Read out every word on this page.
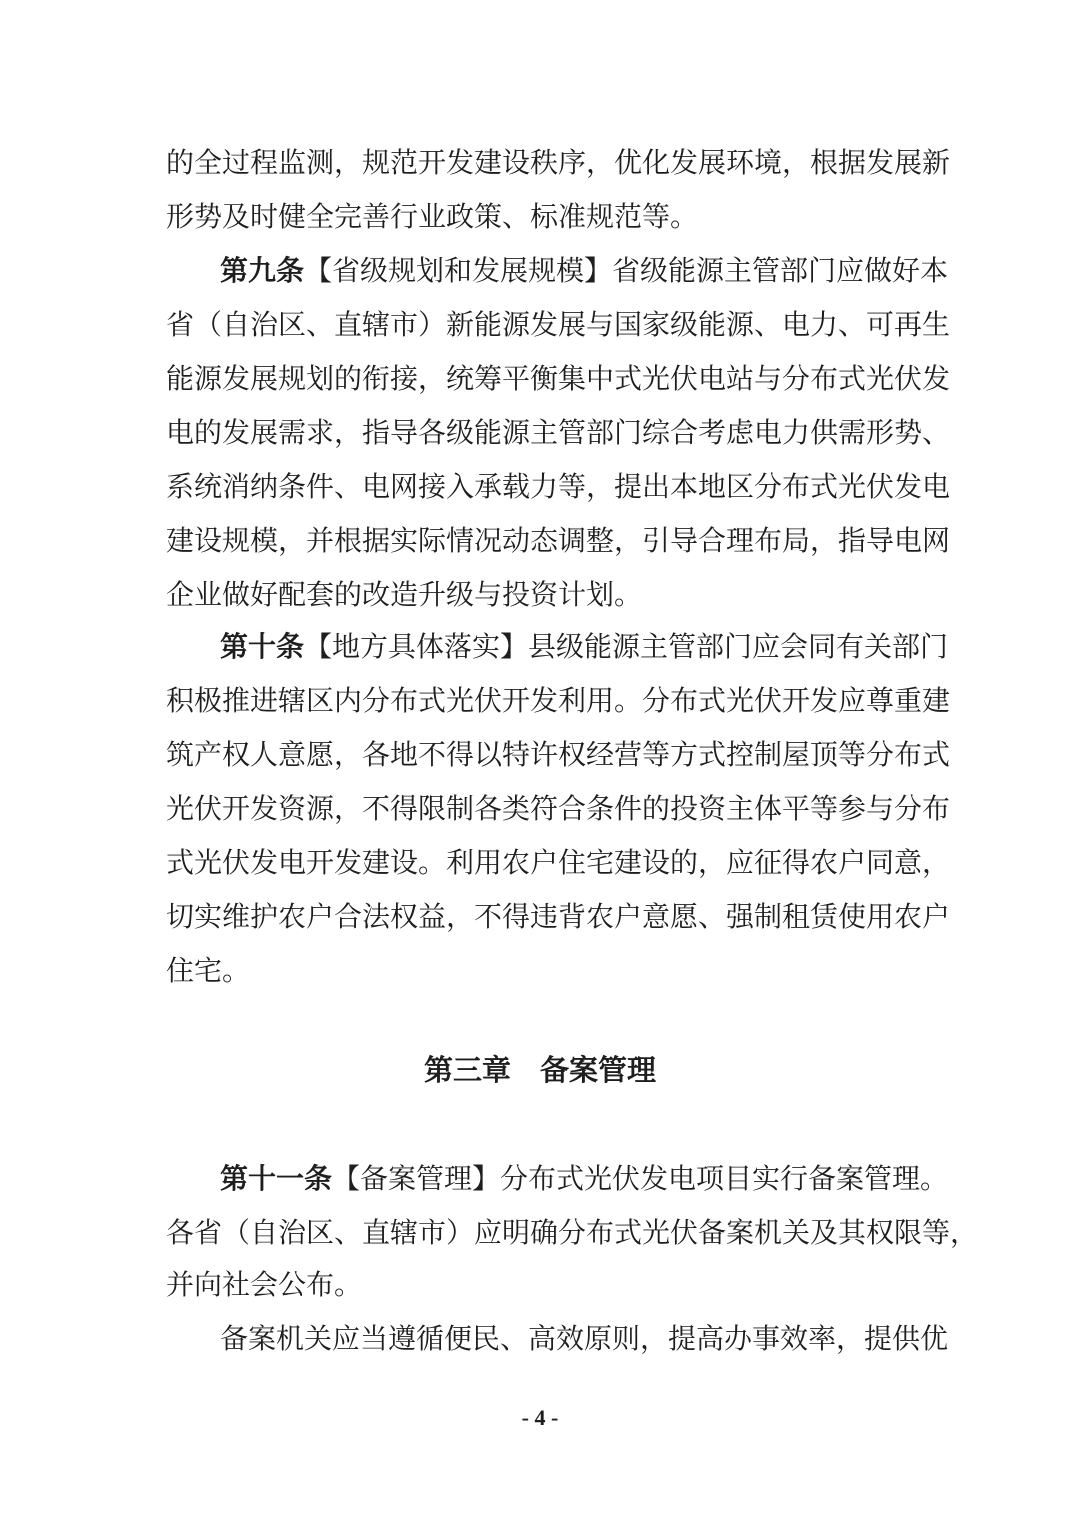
的全过程监测，规范开发建设秩序，优化发展环境，根据发展新
形势及时健全完善行业政策、标准规范等。
第九条【省级规划和发展规模】省级能源主管部门应做好本
省（自治区、直辖市）新能源发展与国家级能源、电力、可再生
能源发展规划的衔接，统筹平衡集中式光伏电站与分布式光伏发
电的发展需求，指导各级能源主管部门综合考虑电力供需形势、
系统消纳条件、电网接入承载力等，提出本地区分布式光伏发电
建设规模，并根据实际情况动态调整，引导合理布局，指导电网
企业做好配套的改造升级与投资计划。
第十条【地方具体落实】县级能源主管部门应会同有关部门
积极推进辖区内分布式光伏开发利用。分布式光伏开发应尊重建
筑产权人意愿，各地不得以特许权经营等方式控制屋顶等分布式
光伏开发资源，不得限制各类符合条件的投资主体平等参与分布
式光伏发电开发建设。利用农户住宅建设的，应征得农户同意，
切实维护农户合法权益，不得违背农户意愿、强制租赁使用农户
住宅。
第三章　备案管理
第十一条【备案管理】分布式光伏发电项目实行备案管理。
各省（自治区、直辖市）应明确分布式光伏备案机关及其权限等，
并向社会公布。
备案机关应当遵循便民、高效原则，提高办事效率，提供优
- 4 -
